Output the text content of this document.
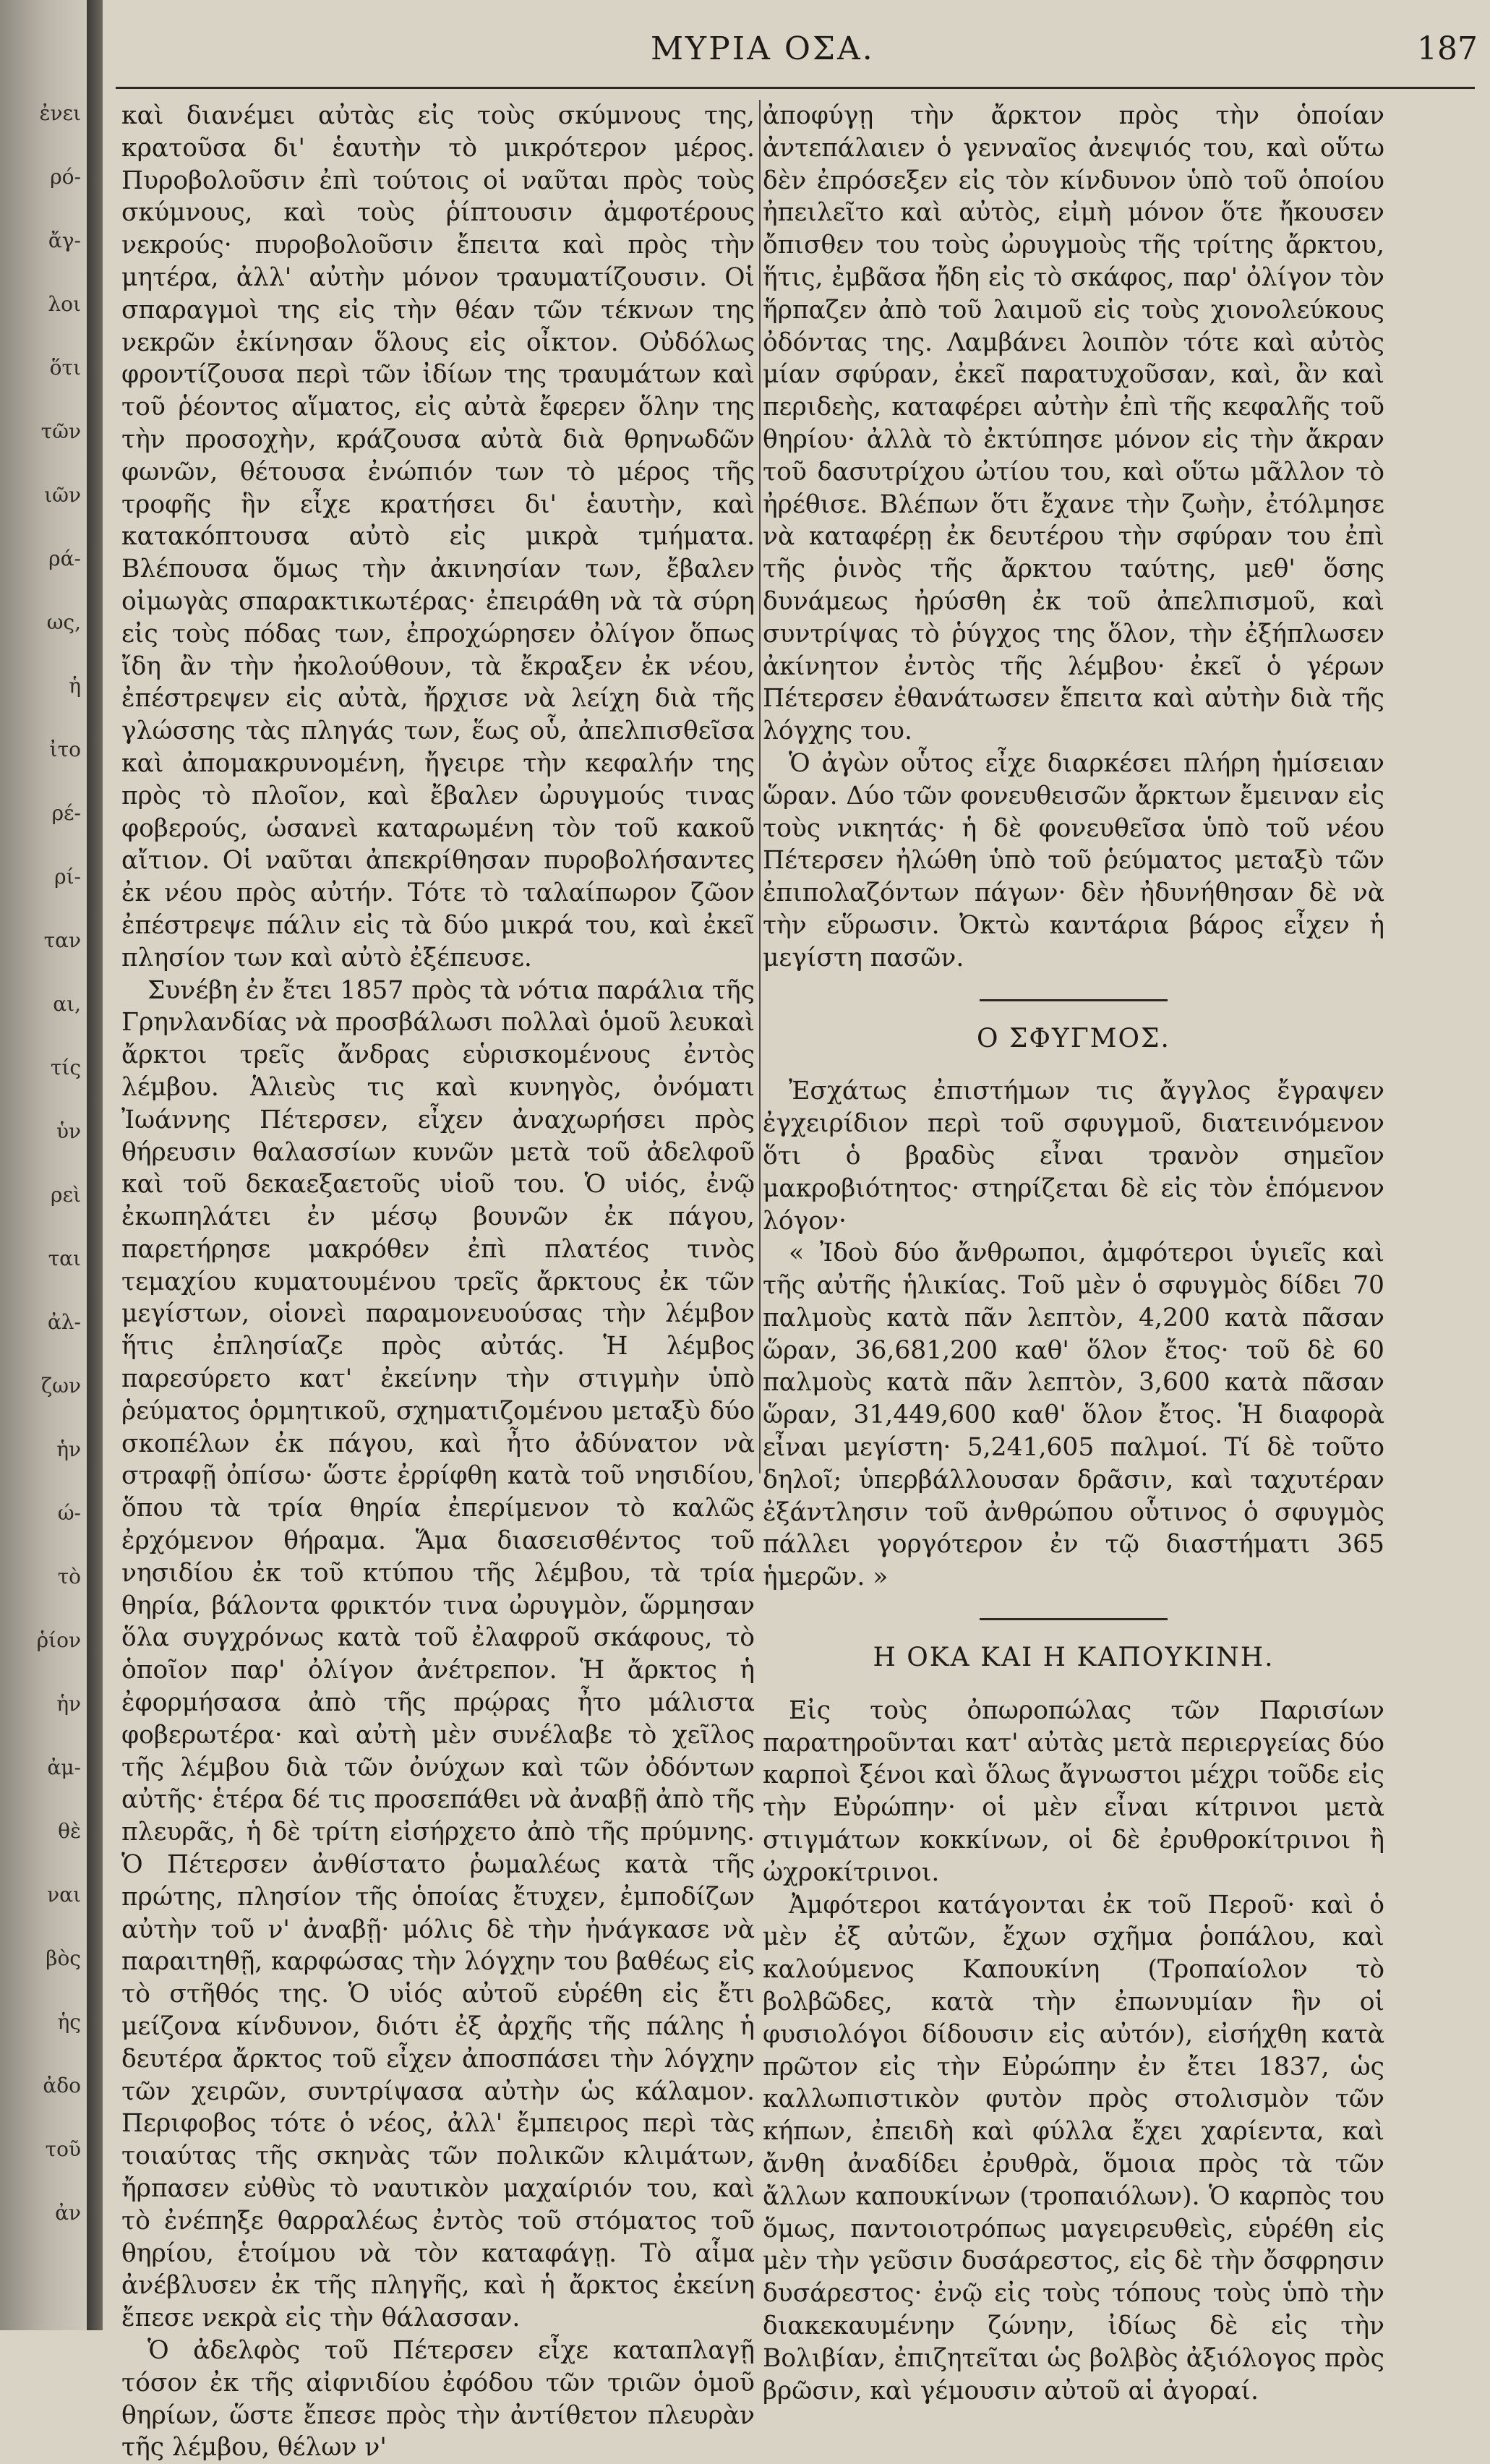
ἐνει
ρό-
ἄγ-
λοι
ὅτι
τῶν
ιῶν
ρά-
ως,
ἡ
ἰτο
ρέ-
ρί-
ταν
αι,
τίς
ὑν
ρεὶ
ται
ἀλ-
ζων
ἡν
ώ-
τὸ
ῥίον
ἡν
ἀμ-
θὲ
ναι
βὸς
ἡς
ἀδο
τοῦ
ἀν
ΜΥΡΙΑ ΟΣΑ.	187

καὶ διανέμει αὐτὰς εἰς τοὺς σκύμνους της, κρατοῦσα δι' ἑαυτὴν τὸ μικρότερον μέρος. Πυροβολοῦσιν ἐπὶ τούτοις οἱ ναῦται πρὸς τοὺς σκύμνους, καὶ τοὺς ῥίπτουσιν ἀμφοτέρους νεκρούς· πυροβολοῦσιν ἔπειτα καὶ πρὸς τὴν μητέρα, ἀλλ' αὐτὴν μόνον τραυματίζουσιν. Οἱ σπαραγμοὶ της εἰς τὴν θέαν τῶν τέκνων της νεκρῶν ἐκίνησαν ὅλους εἰς οἶκτον. Οὐδόλως φροντίζουσα περὶ τῶν ἰδίων της τραυμάτων καὶ τοῦ ῥέοντος αἵματος, εἰς αὐτὰ ἔφερεν ὅλην της τὴν προσοχὴν, κράζουσα αὐτὰ διὰ θρηνωδῶν φωνῶν, θέτουσα ἐνώπιόν των τὸ μέρος τῆς τροφῆς ἣν εἶχε κρατήσει δι' ἑαυτὴν, καὶ κατακόπτουσα αὐτὸ εἰς μικρὰ τμήματα. Βλέπουσα ὅμως τὴν ἀκινησίαν των, ἔβαλεν οἰμωγὰς σπαρακτικωτέρας· ἐπειράθη νὰ τὰ σύρη εἰς τοὺς πόδας των, ἐπροχώρησεν ὀλίγον ὅπως ἴδη ἂν τὴν ἠκολούθουν, τὰ ἔκραξεν ἐκ νέου, ἐπέστρεψεν εἰς αὐτὰ, ἤρχισε νὰ λείχη διὰ τῆς γλώσσης τὰς πληγάς των, ἕως οὗ, ἀπελπισθεῖσα καὶ ἀπομακρυνομένη, ἤγειρε τὴν κεφαλήν της πρὸς τὸ πλοῖον, καὶ ἔβαλεν ὠρυγμούς τινας φοβερούς, ὡσανεὶ καταρωμένη τὸν τοῦ κακοῦ αἴτιον. Οἱ ναῦται ἀπεκρίθησαν πυροβολήσαντες ἐκ νέου πρὸς αὐτήν. Τότε τὸ ταλαίπωρον ζῶον ἐπέστρεψε πάλιν εἰς τὰ δύο μικρά του, καὶ ἐκεῖ πλησίον των καὶ αὐτὸ ἐξέπευσε.

Συνέβη ἐν ἔτει 1857 πρὸς τὰ νότια παράλια τῆς Γρηνλανδίας νὰ προσβάλωσι πολλαὶ ὁμοῦ λευκαὶ ἄρκτοι τρεῖς ἄνδρας εὑρισκομένους ἐντὸς λέμβου. Ἁλιεὺς τις καὶ κυνηγὸς, ὀνόματι Ἰωάννης Πέτερσεν, εἶχεν ἀναχωρήσει πρὸς θήρευσιν θαλασσίων κυνῶν μετὰ τοῦ ἀδελφοῦ καὶ τοῦ δεκαεξαετοῦς υἱοῦ του. Ὁ υἱός, ἐνῷ ἐκωπηλάτει ἐν μέσῳ βουνῶν ἐκ πάγου, παρετήρησε μακρόθεν ἐπὶ πλατέος τινὸς τεμαχίου κυματουμένου τρεῖς ἄρκτους ἐκ τῶν μεγίστων, οἱονεὶ παραμονευούσας τὴν λέμβον ἥτις ἐπλησίαζε πρὸς αὐτάς. Ἡ λέμβος παρεσύρετο κατ' ἐκείνην τὴν στιγμὴν ὑπὸ ῥεύματος ὁρμητικοῦ, σχηματιζομένου μεταξὺ δύο σκοπέλων ἐκ πάγου, καὶ ἦτο ἀδύνατον νὰ στραφῇ ὀπίσω· ὥστε ἐρρίφθη κατὰ τοῦ νησιδίου, ὅπου τὰ τρία θηρία ἐπερίμενον τὸ καλῶς ἐρχόμενον θήραμα. Ἅμα διασεισθέντος τοῦ νησιδίου ἐκ τοῦ κτύπου τῆς λέμβου, τὰ τρία θηρία, βάλοντα φρικτόν τινα ὠρυγμὸν, ὥρμησαν ὅλα συγχρόνως κατὰ τοῦ ἐλαφροῦ σκάφους, τὸ ὁποῖον παρ' ὀλίγον ἀνέτρεπον. Ἡ ἄρκτος ἡ ἐφορμήσασα ἀπὸ τῆς πρῴρας ἦτο μάλιστα φοβερωτέρα· καὶ αὐτὴ μὲν συνέλαβε τὸ χεῖλος τῆς λέμβου διὰ τῶν ὀνύχων καὶ τῶν ὀδόντων αὐτῆς· ἑτέρα δέ τις προσεπάθει νὰ ἀναβῇ ἀπὸ τῆς πλευρᾶς, ἡ δὲ τρίτη εἰσήρχετο ἀπὸ τῆς πρύμνης. Ὁ Πέτερσεν ἀνθίστατο ῥωμαλέως κατὰ τῆς πρώτης, πλησίον τῆς ὁποίας ἔτυχεν, ἐμποδίζων αὐτὴν τοῦ ν' ἀναβῇ· μόλις δὲ τὴν ἠνάγκασε νὰ παραιτηθῇ, καρφώσας τὴν λόγχην του βαθέως εἰς τὸ στῆθός της. Ὁ υἱός αὐτοῦ εὑρέθη εἰς ἔτι μείζονα κίνδυνον, διότι ἐξ ἀρχῆς τῆς πάλης ἡ δευτέρα ἄρκτος τοῦ εἶχεν ἀποσπάσει τὴν λόγχην τῶν χειρῶν, συντρίψασα αὐτὴν ὡς κάλαμον. Περιφοβος τότε ὁ νέος, ἀλλ' ἔμπειρος περὶ τὰς τοιαύτας τῆς σκηνὰς τῶν πολικῶν κλιμάτων, ἤρπασεν εὐθὺς τὸ ναυτικὸν μαχαίριόν του, καὶ τὸ ἐνέπηξε θαρραλέως ἐντὸς τοῦ στόματος τοῦ θηρίου, ἑτοίμου νὰ τὸν καταφάγῃ. Τὸ αἷμα ἀνέβλυσεν ἐκ τῆς πληγῆς, καὶ ἡ ἄρκτος ἐκείνη ἔπεσε νεκρὰ εἰς τὴν θάλασσαν.

Ὁ ἀδελφὸς τοῦ Πέτερσεν εἶχε καταπλαγῇ τόσον ἐκ τῆς αἰφνιδίου ἐφόδου τῶν τριῶν ὁμοῦ θηρίων, ὥστε ἔπεσε πρὸς τὴν ἀντίθετον πλευρὰν τῆς λέμβου, θέλων ν'

ἀποφύγῃ τὴν ἄρκτον πρὸς τὴν ὁποίαν ἀντεπάλαιεν ὁ γενναῖος ἀνεψιός του, καὶ οὕτω δὲν ἐπρόσεξεν εἰς τὸν κίνδυνον ὑπὸ τοῦ ὁποίου ἠπειλεῖτο καὶ αὐτὸς, εἰμὴ μόνον ὅτε ἤκουσεν ὄπισθεν του τοὺς ὠρυγμοὺς τῆς τρίτης ἄρκτου, ἥτις, ἐμβᾶσα ἤδη εἰς τὸ σκάφος, παρ' ὀλίγον τὸν ἥρπαζεν ἀπὸ τοῦ λαιμοῦ εἰς τοὺς χιονολεύκους ὀδόντας της. Λαμβάνει λοιπὸν τότε καὶ αὐτὸς μίαν σφύραν, ἐκεῖ παρατυχοῦσαν, καὶ, ἂν καὶ περιδεὴς, καταφέρει αὐτὴν ἐπὶ τῆς κεφαλῆς τοῦ θηρίου· ἀλλὰ τὸ ἐκτύπησε μόνον εἰς τὴν ἄκραν τοῦ δασυτρίχου ὠτίου του, καὶ οὕτω μᾶλλον τὸ ἠρέθισε. Βλέπων ὅτι ἔχανε τὴν ζωὴν, ἐτόλμησε νὰ καταφέρῃ ἐκ δευτέρου τὴν σφύραν του ἐπὶ τῆς ῥινὸς τῆς ἄρκτου ταύτης, μεθ' ὅσης δυνάμεως ἠρύσθη ἐκ τοῦ ἀπελπισμοῦ, καὶ συντρίψας τὸ ῥύγχος της ὅλον, τὴν ἐξήπλωσεν ἀκίνητον ἐντὸς τῆς λέμβου· ἐκεῖ ὁ γέρων Πέτερσεν ἐθανάτωσεν ἔπειτα καὶ αὐτὴν διὰ τῆς λόγχης του.

Ὁ ἀγὼν οὗτος εἶχε διαρκέσει πλήρη ἡμίσειαν ὥραν. Δύο τῶν φονευθεισῶν ἄρκτων ἔμειναν εἰς τοὺς νικητάς· ἡ δὲ φονευθεῖσα ὑπὸ τοῦ νέου Πέτερσεν ἠλώθη ὑπὸ τοῦ ῥεύματος μεταξὺ τῶν ἐπιπολαζόντων πάγων· δὲν ἠδυνήθησαν δὲ νὰ τὴν εὕρωσιν. Ὀκτὼ καντάρια βάρος εἶχεν ἡ μεγίστη πασῶν.

Ο ΣΦΥΓΜΟΣ.

Ἐσχάτως ἐπιστήμων τις ἄγγλος ἔγραψεν ἐγχειρίδιον περὶ τοῦ σφυγμοῦ, διατεινόμενον ὅτι ὁ βραδὺς εἶναι τρανὸν σημεῖον μακροβιότητος· στηρίζεται δὲ εἰς τὸν ἑπόμενον λόγον·

« Ἰδοὺ δύο ἄνθρωποι, ἀμφότεροι ὑγιεῖς καὶ τῆς αὐτῆς ἡλικίας. Τοῦ μὲν ὁ σφυγμὸς δίδει 70 παλμοὺς κατὰ πᾶν λεπτὸν, 4,200 κατὰ πᾶσαν ὥραν, 36,681,200 καθ' ὅλον ἔτος· τοῦ δὲ 60 παλμοὺς κατὰ πᾶν λεπτὸν, 3,600 κατὰ πᾶσαν ὥραν, 31,449,600 καθ' ὅλον ἔτος. Ἡ διαφορὰ εἶναι μεγίστη· 5,241,605 παλμοί. Τί δὲ τοῦτο δηλοῖ; ὑπερβάλλουσαν δρᾶσιν, καὶ ταχυτέραν ἐξάντλησιν τοῦ ἀνθρώπου οὗτινος ὁ σφυγμὸς πάλλει γοργότερον ἐν τῷ διαστήματι 365 ἡμερῶν. »

Η ΟΚΑ ΚΑΙ Η ΚΑΠΟΥΚΙΝΗ.

Εἰς τοὺς ὀπωροπώλας τῶν Παρισίων παρατηροῦνται κατ' αὐτὰς μετὰ περιεργείας δύο καρποὶ ξένοι καὶ ὅλως ἄγνωστοι μέχρι τοῦδε εἰς τὴν Εὐρώπην· οἱ μὲν εἶναι κίτρινοι μετὰ στιγμάτων κοκκίνων, οἱ δὲ ἐρυθροκίτρινοι ἢ ὠχροκίτρινοι.

Ἀμφότεροι κατάγονται ἐκ τοῦ Περοῦ· καὶ ὁ μὲν ἐξ αὐτῶν, ἔχων σχῆμα ῥοπάλου, καὶ καλούμενος Καπουκίνη (Τροπαίολον τὸ βολβῶδες, κατὰ τὴν ἐπωνυμίαν ἣν οἱ φυσιολόγοι δίδουσιν εἰς αὐτόν), εἰσήχθη κατὰ πρῶτον εἰς τὴν Εὐρώπην ἐν ἔτει 1837, ὡς καλλωπιστικὸν φυτὸν πρὸς στολισμὸν τῶν κήπων, ἐπειδὴ καὶ φύλλα ἔχει χαρίεντα, καὶ ἄνθη ἀναδίδει ἐρυθρὰ, ὅμοια πρὸς τὰ τῶν ἄλλων καπουκίνων (τροπαιόλων). Ὁ καρπὸς του ὅμως, παντοιοτρόπως μαγειρευθεὶς, εὑρέθη εἰς μὲν τὴν γεῦσιν δυσάρεστος, εἰς δὲ τὴν ὄσφρησιν δυσάρεστος· ἐνῷ εἰς τοὺς τόπους τοὺς ὑπὸ τὴν διακεκαυμένην ζώνην, ἰδίως δὲ εἰς τὴν Βολιβίαν, ἐπιζητεῖται ὡς βολβὸς ἀξιόλογος πρὸς βρῶσιν, καὶ γέμουσιν αὐτοῦ αἱ ἀγοραί.
